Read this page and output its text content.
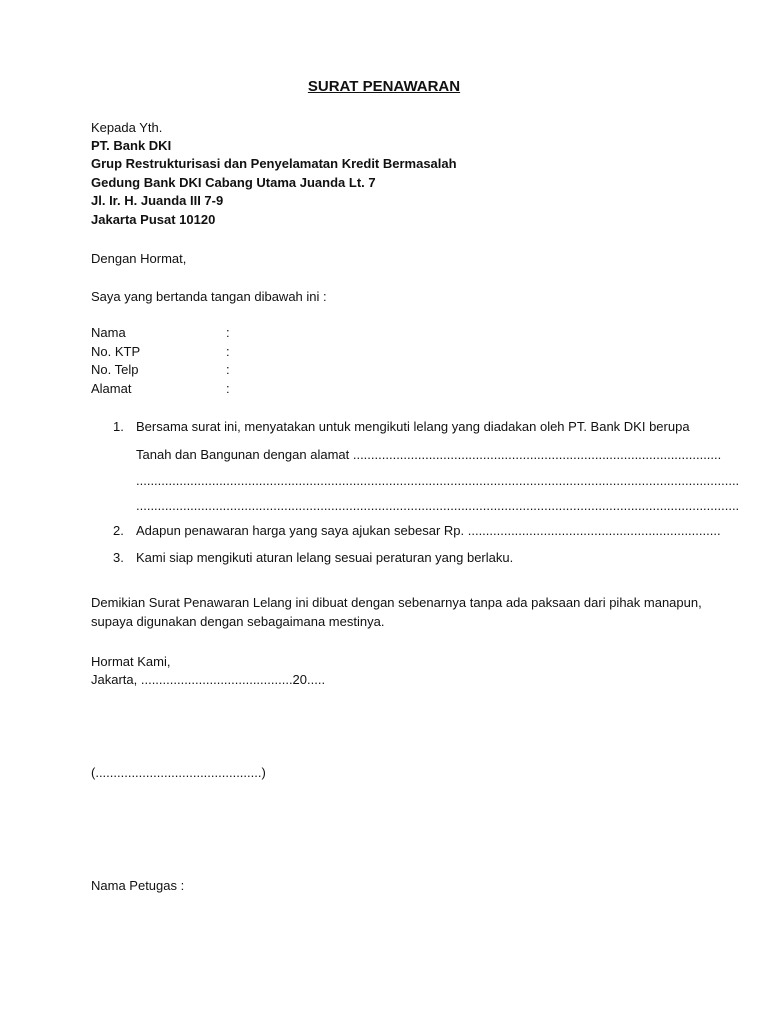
SURAT PENAWARAN
Kepada Yth.
PT. Bank DKI
Grup Restrukturisasi dan Penyelamatan Kredit Bermasalah
Gedung Bank DKI Cabang Utama Juanda Lt. 7
Jl. Ir. H. Juanda III 7-9
Jakarta Pusat 10120
Dengan Hormat,
Saya yang bertanda tangan dibawah ini :
Nama	:
No. KTP	:
No. Telp	:
Alamat	:
1. Bersama surat ini, menyatakan untuk mengikuti lelang yang diadakan oleh PT. Bank DKI berupa
Tanah dan Bangunan dengan alamat ......................................................................................................
.......................................................................................................................................................................
.......................................................................................................................................................................
2. Adapun penawaran harga yang saya ajukan sebesar Rp. ......................................................................
3. Kami siap mengikuti aturan lelang sesuai peraturan yang berlaku.
Demikian Surat Penawaran Lelang ini dibuat dengan sebenarnya tanpa ada paksaan dari pihak manapun,
supaya digunakan dengan sebagaimana mestinya.
Hormat Kami,
Jakarta, ..........................................20.....
(..............................................)
Nama Petugas :
